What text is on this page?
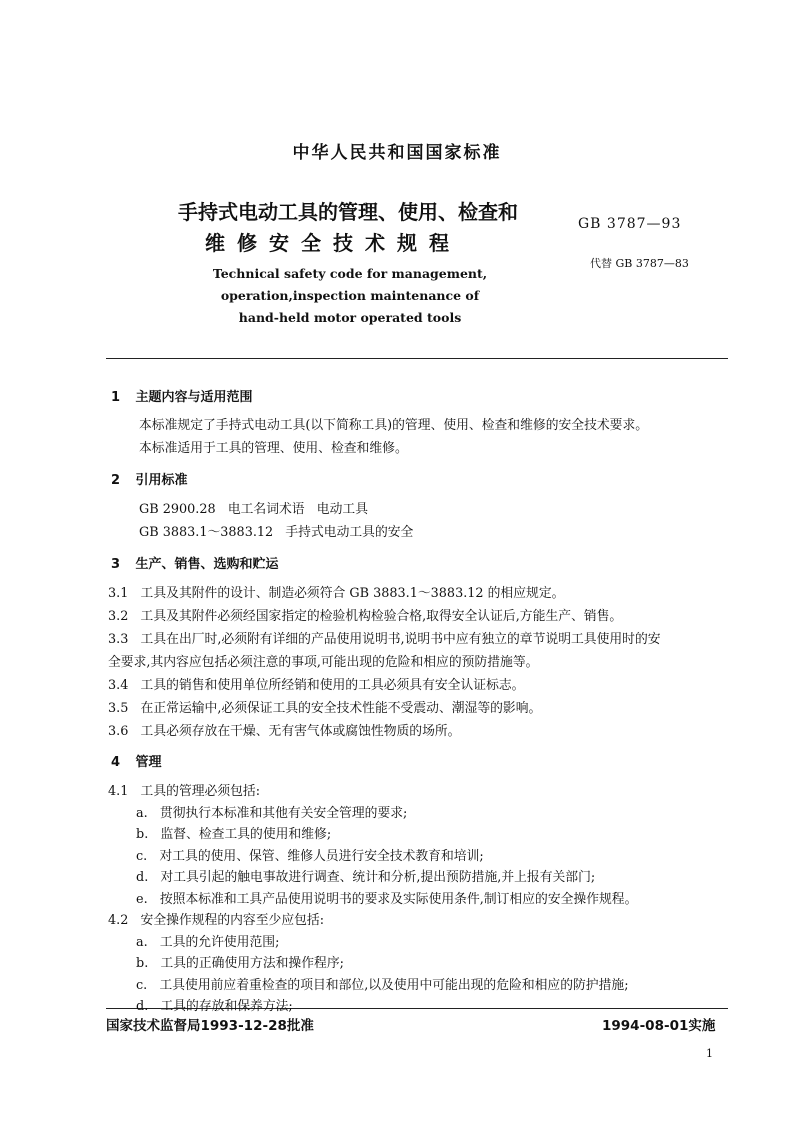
中华人民共和国国家标准
手持式电动工具的管理、使用、检查和
维修安全技术规程
GB 3787—93
代替 GB 3787—83
Technical safety code for management,
operation,inspection maintenance of
hand-held motor operated tools
1 主题内容与适用范围
本标准规定了手持式电动工具(以下简称工具)的管理、使用、检查和维修的安全技术要求。
本标准适用于工具的管理、使用、检查和维修。
2 引用标准
GB 2900.28   电工名词术语   电动工具
GB 3883.1～3883.12   手持式电动工具的安全
3 生产、销售、选购和贮运
3.1   工具及其附件的设计、制造必须符合 GB 3883.1～3883.12 的相应规定。
3.2   工具及其附件必须经国家指定的检验机构检验合格,取得安全认证后,方能生产、销售。
3.3   工具在出厂时,必须附有详细的产品使用说明书,说明书中应有独立的章节说明工具使用时的安
全要求,其内容应包括必须注意的事项,可能出现的危险和相应的预防措施等。
3.4   工具的销售和使用单位所经销和使用的工具必须具有安全认证标志。
3.5   在正常运输中,必须保证工具的安全技术性能不受震动、潮湿等的影响。
3.6   工具必须存放在干燥、无有害气体或腐蚀性物质的场所。
4 管理
4.1   工具的管理必须包括:
a.   贯彻执行本标准和其他有关安全管理的要求;
b.   监督、检查工具的使用和维修;
c.   对工具的使用、保管、维修人员进行安全技术教育和培训;
d.   对工具引起的触电事故进行调查、统计和分析,提出预防措施,并上报有关部门;
e.   按照本标准和工具产品使用说明书的要求及实际使用条件,制订相应的安全操作规程。
4.2   安全操作规程的内容至少应包括:
a.   工具的允许使用范围;
b.   工具的正确使用方法和操作程序;
c.   工具使用前应着重检查的项目和部位,以及使用中可能出现的危险和相应的防护措施;
国家技术监督局1993-12-28批准	1994-08-01实施
1
d.   工具的存放和保养方法;
